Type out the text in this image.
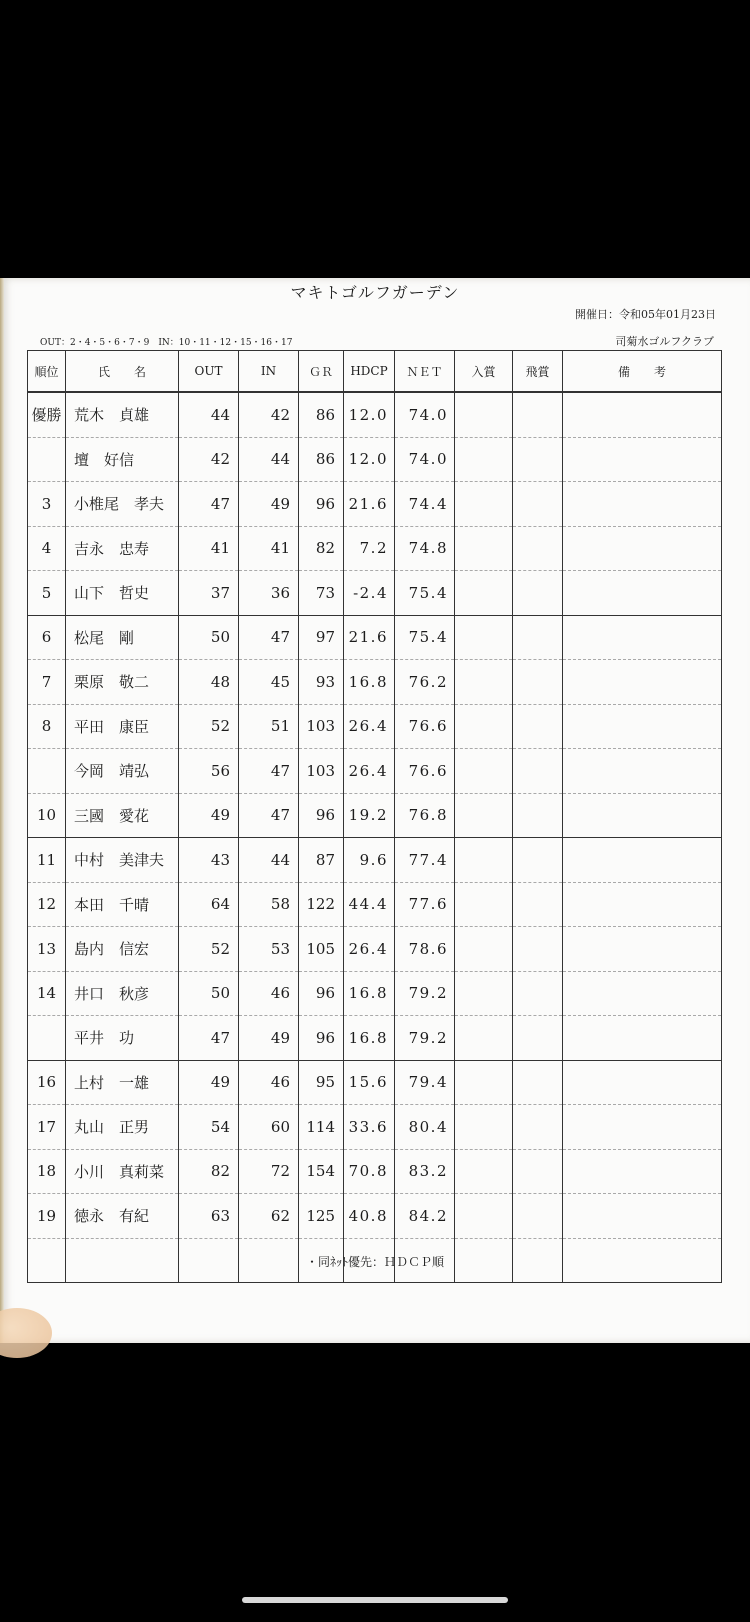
マキトゴルフガーデン
開催日：令和05年01月23日
OUT：2・4・5・6・7・9　IN：10・11・12・15・16・17	司菊水ゴルフクラブ
順位	氏　　名	OUT	IN	ＧＲ	HDCP	ＮＥＴ	入賞	飛賞	備　　考
優勝	荒木　貞雄	44	42	86	12.0	74.0			
	壇　好信	42	44	86	12.0	74.0			
3	小椎尾　孝夫	47	49	96	21.6	74.4			
4	吉永　忠寿	41	41	82	7.2	74.8			
5	山下　哲史	37	36	73	-2.4	75.4			
6	松尾　剛	50	47	97	21.6	75.4			
7	栗原　敬二	48	45	93	16.8	76.2			
8	平田　康臣	52	51	103	26.4	76.6			
	今岡　靖弘	56	47	103	26.4	76.6			
10	三國　愛花	49	47	96	19.2	76.8			
11	中村　美津夫	43	44	87	9.6	77.4			
12	本田　千晴	64	58	122	44.4	77.6			
13	島内　信宏	52	53	105	26.4	78.6			
14	井口　秋彦	50	46	96	16.8	79.2			
	平井　功	47	49	96	16.8	79.2			
16	上村　一雄	49	46	95	15.6	79.4			
17	丸山　正男	54	60	114	33.6	80.4			
18	小川　真莉菜	82	72	154	70.8	83.2			
19	徳永　有紀	63	62	125	40.8	84.2			

・同ﾈｯﾄ優先：ＨＤＣＰ順
